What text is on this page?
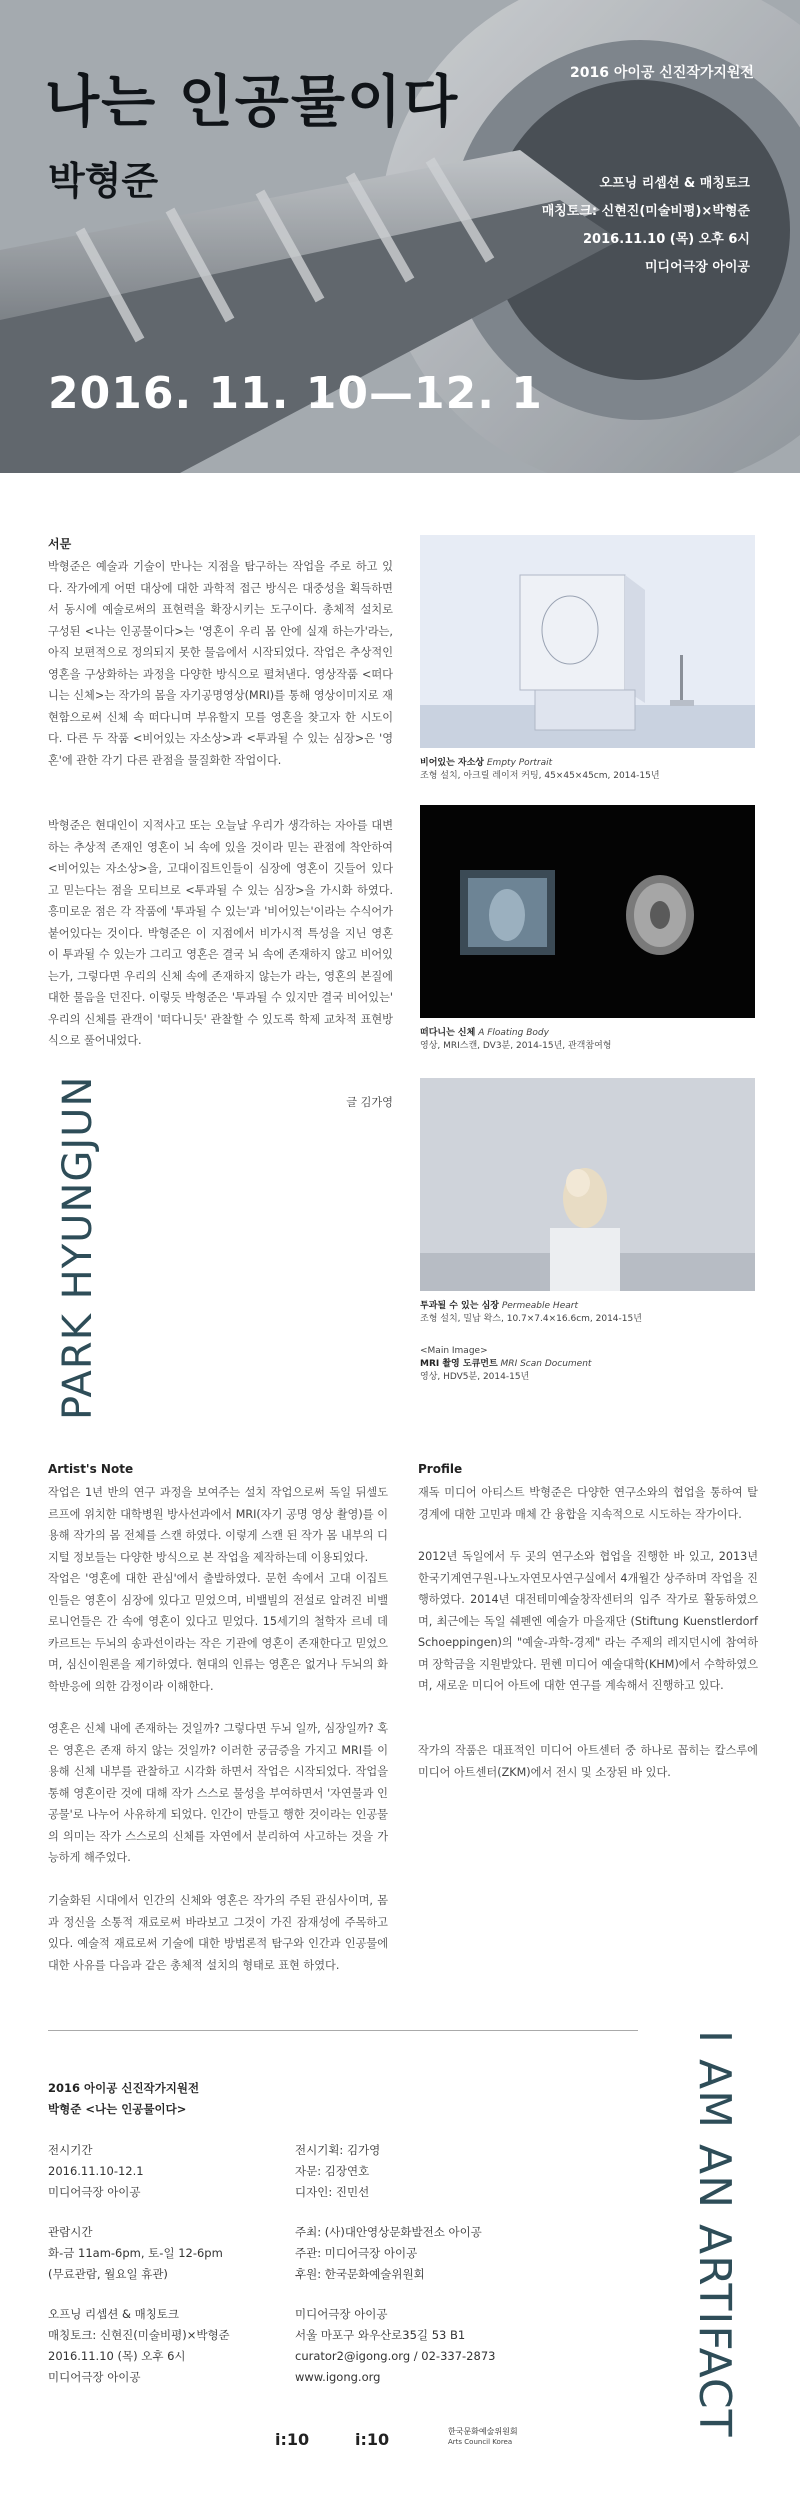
나는 인공물이다
박형준
2016. 11. 10—12. 1
2016 아이공 신진작가지원전
오프닝 리셉션 & 매칭토크
매칭토크: 신현진(미술비평)×박형준
2016.11.10 (목) 오후 6시
미디어극장 아이공
서문
박형준은 예술과 기술이 만나는 지점을 탐구하는 작업을 주로 하고 있다. 작가에게 어떤 대상에 대한 과학적 접근 방식은 대중성을 획득하면서 동시에 예술로써의 표현력을 확장시키는 도구이다. 총체적 설치로 구성된 <나는 인공물이다>는 '영혼이 우리 몸 안에 실재 하는가'라는, 아직 보편적으로 정의되지 못한 물음에서 시작되었다. 작업은 추상적인 영혼을 구상화하는 과정을 다양한 방식으로 펼쳐낸다. 영상작품 <떠다니는 신체>는 작가의 몸을 자기공명영상(MRI)를 통해 영상이미지로 재현함으로써 신체 속 떠다니며 부유할지 모를 영혼을 찾고자 한 시도이다. 다른 두 작품 <비어있는 자소상>과 <투과될 수 있는 심장>은 '영혼'에 관한 각기 다른 관점을 물질화한 작업이다.
박형준은 현대인이 지적사고 또는 오늘날 우리가 생각하는 자아를 대변하는 추상적 존재인 영혼이 뇌 속에 있을 것이라 믿는 관점에 착안하여 <비어있는 자소상>을, 고대이집트인들이 심장에 영혼이 깃들어 있다고 믿는다는 점을 모티브로 <투과될 수 있는 심장>을 가시화 하였다. 흥미로운 점은 각 작품에 '투과될 수 있는'과 '비어있는'이라는 수식어가 붙어있다는 것이다. 박형준은 이 지점에서 비가시적 특성을 지닌 영혼이 투과될 수 있는가 그리고 영혼은 결국 뇌 속에 존재하지 않고 비어있는가, 그렇다면 우리의 신체 속에 존재하지 않는가 라는, 영혼의 본질에 대한 물음을 던진다. 이렇듯 박형준은 '투과될 수 있지만 결국 비어있는' 우리의 신체를 관객이 '떠다니듯' 관찰할 수 있도록 학제 교차적 표현방식으로 풀어내었다.
글 김가영
PARK HYUNGJUN
비어있는 자소상 Empty Portrait
조형 설치, 아크릴 레이저 커팅, 45×45×45cm, 2014-15년
떠다니는 신체 A Floating Body
영상, MRI스캔, DV3분, 2014-15년, 관객참여형
투과될 수 있는 심장 Permeable Heart
조형 설치, 밀납 왁스, 10.7×7.4×16.6cm, 2014-15년
<Main Image>
MRI 촬영 도큐먼트 MRI Scan Document
영상, HDV5분, 2014-15년
Artist's Note
작업은 1년 반의 연구 과정을 보여주는 설치 작업으로써 독일 뒤셀도르프에 위치한 대학병원 방사선과에서 MRI(자기 공명 영상 촬영)를 이용해 작가의 몸 전체를 스캔 하였다. 이렇게 스캔 된 작가 몸 내부의 디지털 정보들는 다양한 방식으로 본 작업을 제작하는데 이용되었다.
작업은 '영혼에 대한 관심'에서 출발하였다. 문헌 속에서 고대 이집트 인들은 영혼이 심장에 있다고 믿었으며, 비밸빌의 전설로 알려진 비밸로니언들은 간 속에 영혼이 있다고 믿었다. 15세기의 철학자 르네 데카르트는 두뇌의 송과선이라는 작은 기관에 영혼이 존재한다고 믿었으며, 심신이원론을 제기하였다. 현대의 인류는 영혼은 없거나 두뇌의 화학반응에 의한 감정이라 이해한다.
영혼은 신체 내에 존재하는 것일까? 그렇다면 두뇌 일까, 심장일까? 혹은 영혼은 존재 하지 않는 것일까? 이러한 궁금증을 가지고 MRI를 이용해 신체 내부를 관찰하고 시각화 하면서 작업은 시작되었다. 작업을 통해 영혼이란 것에 대해 작가 스스로 물성을 부여하면서 '자연물과 인공물'로 나누어 사유하게 되었다. 인간이 만들고 행한 것이라는 인공물의 의미는 작가 스스로의 신체를 자연에서 분리하여 사고하는 것을 가능하게 해주었다.
기술화된 시대에서 인간의 신체와 영혼은 작가의 주된 관심사이며, 몸과 정신을 소통적 재료로써 바라보고 그것이 가진 잠재성에 주목하고 있다. 예술적 재료로써 기술에 대한 방법론적 탐구와 인간과 인공물에 대한 사유를 다음과 같은 총체적 설치의 형태로 표현 하였다.
Profile
재독 미디어 아티스트 박형준은 다양한 연구소와의 협업을 통하여 탈경계에 대한 고민과 매체 간 융합을 지속적으로 시도하는 작가이다.
2012년 독일에서 두 곳의 연구소와 협업을 진행한 바 있고, 2013년 한국기계연구원-나노자연모사연구실에서 4개월간 상주하며 작업을 진행하였다. 2014년 대전테미예술창작센터의 입주 작가로 활동하였으며, 최근에는 독일 쉐펜엔 예술가 마을재단 (Stiftung Kuenstlerdorf Schoeppingen)의 "예술-과학-경제" 라는 주제의 레지던시에 참여하며 장학금을 지원받았다. 뮌헨 미디어 예술대학(KHM)에서 수학하였으며, 새로운 미디어 아트에 대한 연구를 계속해서 진행하고 있다.
작가의 작품은 대표적인 미디어 아트센터 중 하나로 꼽히는 칼스루에 미디어 아트센터(ZKM)에서 전시 및 소장된 바 있다.
I AM AN ARTIFACT
2016 아이공 신진작가지원전
박형준 <나는 인공물이다>
전시기간
2016.11.10-12.1
미디어극장 아이공
관람시간
화-금 11am-6pm, 토-일 12-6pm
(무료관람, 월요일 휴관)
오프닝 리셉션 & 매칭토크
매칭토크: 신현진(미술비평)×박형준
2016.11.10 (목) 오후 6시
미디어극장 아이공
전시기획: 김가영
자문: 김장연호
디자인: 진민선
주최: (사)대안영상문화발전소 아이공
주관: 미디어극장 아이공
후원: 한국문화예술위원회
미디어극장 아이공
서울 마포구 와우산로35길 53 B1
curator2@igong.org / 02-337-2873
www.igong.org
i:10	i:10	한국문화예술위원회
Arts Council Korea
